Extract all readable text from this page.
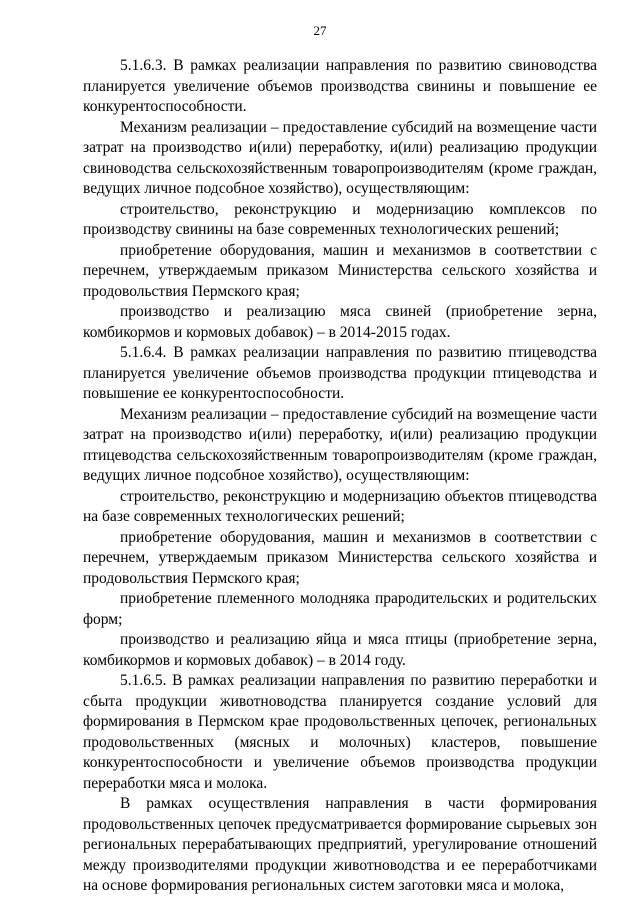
27

5.1.6.3. В рамках реализации направления по развитию свиноводства планируется увеличение объемов производства свинины и повышение ее конкурентоспособности.

Механизм реализации – предоставление субсидий на возмещение части затрат на производство и(или) переработку, и(или) реализацию продукции свиноводства сельскохозяйственным товаропроизводителям (кроме граждан, ведущих личное подсобное хозяйство), осуществляющим:

строительство, реконструкцию и модернизацию комплексов по производству свинины на базе современных технологических решений;

приобретение оборудования, машин и механизмов в соответствии с перечнем, утверждаемым приказом Министерства сельского хозяйства и продовольствия Пермского края;

производство и реализацию мяса свиней (приобретение зерна, комбикормов и кормовых добавок) – в 2014-2015 годах.

5.1.6.4. В рамках реализации направления по развитию птицеводства планируется увеличение объемов производства продукции птицеводства и повышение ее конкурентоспособности.

Механизм реализации – предоставление субсидий на возмещение части затрат на производство и(или) переработку, и(или) реализацию продукции птицеводства сельскохозяйственным товаропроизводителям (кроме граждан, ведущих личное подсобное хозяйство), осуществляющим:

строительство, реконструкцию и модернизацию объектов птицеводства на базе современных технологических решений;

приобретение оборудования, машин и механизмов в соответствии с перечнем, утверждаемым приказом Министерства сельского хозяйства и продовольствия Пермского края;

приобретение племенного молодняка прародительских и родительских форм;

производство и реализацию яйца и мяса птицы (приобретение зерна, комбикормов и кормовых добавок) – в 2014 году.

5.1.6.5. В рамках реализации направления по развитию переработки и сбыта продукции животноводства планируется создание условий для формирования в Пермском крае продовольственных цепочек, региональных продовольственных (мясных и молочных) кластеров, повышение конкурентоспособности и увеличение объемов производства продукции переработки мяса и молока.

В рамках осуществления направления в части формирования продовольственных цепочек предусматривается формирование сырьевых зон региональных перерабатывающих предприятий, урегулирование отношений между производителями продукции животноводства и ее переработчиками на основе формирования региональных систем заготовки мяса и молока,
